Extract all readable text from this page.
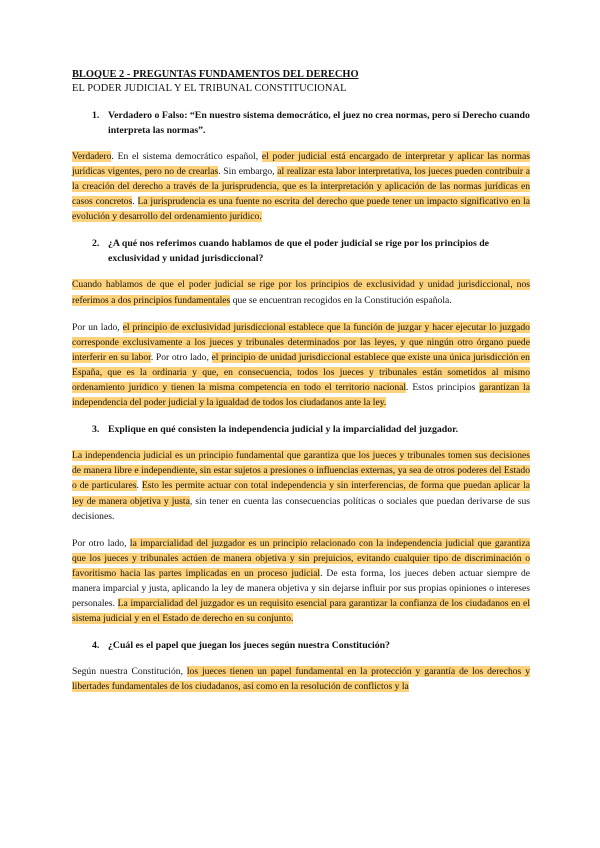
BLOQUE 2 - PREGUNTAS FUNDAMENTOS DEL DERECHO

EL PODER JUDICIAL Y EL TRIBUNAL CONSTITUCIONAL

1. Verdadero o Falso: “En nuestro sistema democrático, el juez no crea normas, pero sí Derecho cuando interpreta las normas”.

Verdadero. En el sistema democrático español, el poder judicial está encargado de interpretar y aplicar las normas jurídicas vigentes, pero no de crearlas. Sin embargo, al realizar esta labor interpretativa, los jueces pueden contribuir a la creación del derecho a través de la jurisprudencia, que es la interpretación y aplicación de las normas jurídicas en casos concretos. La jurisprudencia es una fuente no escrita del derecho que puede tener un impacto significativo en la evolución y desarrollo del ordenamiento jurídico.

2. ¿A qué nos referimos cuando hablamos de que el poder judicial se rige por los principios de exclusividad y unidad jurisdiccional?

Cuando hablamos de que el poder judicial se rige por los principios de exclusividad y unidad jurisdiccional, nos referimos a dos principios fundamentales que se encuentran recogidos en la Constitución española.

Por un lado, el principio de exclusividad jurisdiccional establece que la función de juzgar y hacer ejecutar lo juzgado corresponde exclusivamente a los jueces y tribunales determinados por las leyes, y que ningún otro órgano puede interferir en su labor. Por otro lado, el principio de unidad jurisdiccional establece que existe una única jurisdicción en España, que es la ordinaria y que, en consecuencia, todos los jueces y tribunales están sometidos al mismo ordenamiento jurídico y tienen la misma competencia en todo el territorio nacional. Estos principios garantizan la independencia del poder judicial y la igualdad de todos los ciudadanos ante la ley.

3. Explique en qué consisten la independencia judicial y la imparcialidad del juzgador.

La independencia judicial es un principio fundamental que garantiza que los jueces y tribunales tomen sus decisiones de manera libre e independiente, sin estar sujetos a presiones o influencias externas, ya sea de otros poderes del Estado o de particulares. Esto les permite actuar con total independencia y sin interferencias, de forma que puedan aplicar la ley de manera objetiva y justa, sin tener en cuenta las consecuencias políticas o sociales que puedan derivarse de sus decisiones.

Por otro lado, la imparcialidad del juzgador es un principio relacionado con la independencia judicial que garantiza que los jueces y tribunales actúen de manera objetiva y sin prejuicios, evitando cualquier tipo de discriminación o favoritismo hacia las partes implicadas en un proceso judicial. De esta forma, los jueces deben actuar siempre de manera imparcial y justa, aplicando la ley de manera objetiva y sin dejarse influir por sus propias opiniones o intereses personales. La imparcialidad del juzgador es un requisito esencial para garantizar la confianza de los ciudadanos en el sistema judicial y en el Estado de derecho en su conjunto.

4. ¿Cuál es el papel que juegan los jueces según nuestra Constitución?

Según nuestra Constitución, los jueces tienen un papel fundamental en la protección y garantía de los derechos y libertades fundamentales de los ciudadanos, así como en la resolución de conflictos y la
